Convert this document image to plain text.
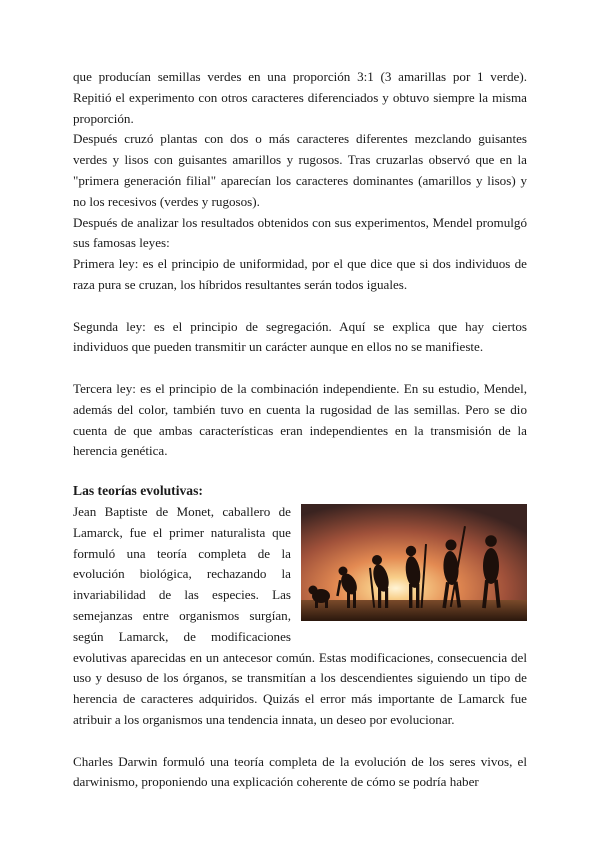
que producían semillas verdes en una proporción 3:1 (3 amarillas por 1 verde). Repitió el experimento con otros caracteres diferenciados y obtuvo siempre la misma proporción.

Después cruzó plantas con dos o más caracteres diferentes mezclando guisantes verdes y lisos con guisantes amarillos y rugosos. Tras cruzarlas observó que en la "primera generación filial" aparecían los caracteres dominantes (amarillos y lisos) y no los recesivos (verdes y rugosos).

Después de analizar los resultados obtenidos con sus experimentos, Mendel promulgó sus famosas leyes:

Primera ley: es el principio de uniformidad, por el que dice que si dos individuos de raza pura se cruzan, los híbridos resultantes serán todos iguales.

Segunda ley: es el principio de segregación. Aquí se explica que hay ciertos individuos que pueden transmitir un carácter aunque en ellos no se manifieste.

Tercera ley: es el principio de la combinación independiente. En su estudio, Mendel, además del color, también tuvo en cuenta la rugosidad de las semillas. Pero se dio cuenta de que ambas características eran independientes en la transmisión de la herencia genética.

Las teorías evolutivas:

Jean Baptiste de Monet, caballero de Lamarck, fue el primer naturalista que formuló una teoría completa de la evolución biológica, rechazando la invariabilidad de las especies. Las semejanzas entre organismos surgían, según Lamarck, de modificaciones evolutivas aparecidas en un antecesor común. Estas modificaciones, consecuencia del uso y desuso de los órganos, se transmitían a los descendientes siguiendo un tipo de herencia de caracteres adquiridos. Quizás el error más importante de Lamarck fue atribuir a los organismos una tendencia innata, un deseo por evolucionar.

Charles Darwin formuló una teoría completa de la evolución de los seres vivos, el darwinismo, proponiendo una explicación coherente de cómo se podría haber
